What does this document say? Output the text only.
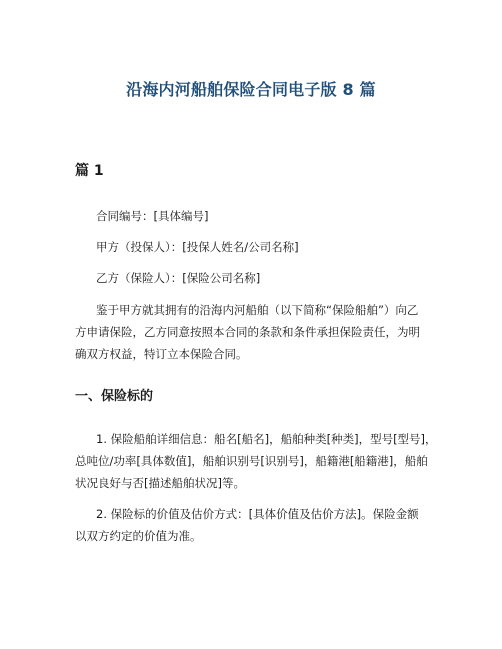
沿海内河船舶保险合同电子版 8 篇
篇 1
合同编号：[具体编号]
甲方（投保人）：[投保人姓名/公司名称]
乙方（保险人）：[保险公司名称]
鉴于甲方就其拥有的沿海内河船舶（以下简称“保险船舶”）向乙
方申请保险，乙方同意按照本合同的条款和条件承担保险责任，为明
确双方权益，特订立本保险合同。
一、保险标的
1. 保险船舶详细信息：船名[船名]，船舶种类[种类]，型号[型号]，
总吨位/功率[具体数值]，船舶识别号[识别号]，船籍港[船籍港]，船舶
状况良好与否[描述船舶状况]等。
2. 保险标的价值及估价方式：[具体价值及估价方法]。保险金额
以双方约定的价值为准。
